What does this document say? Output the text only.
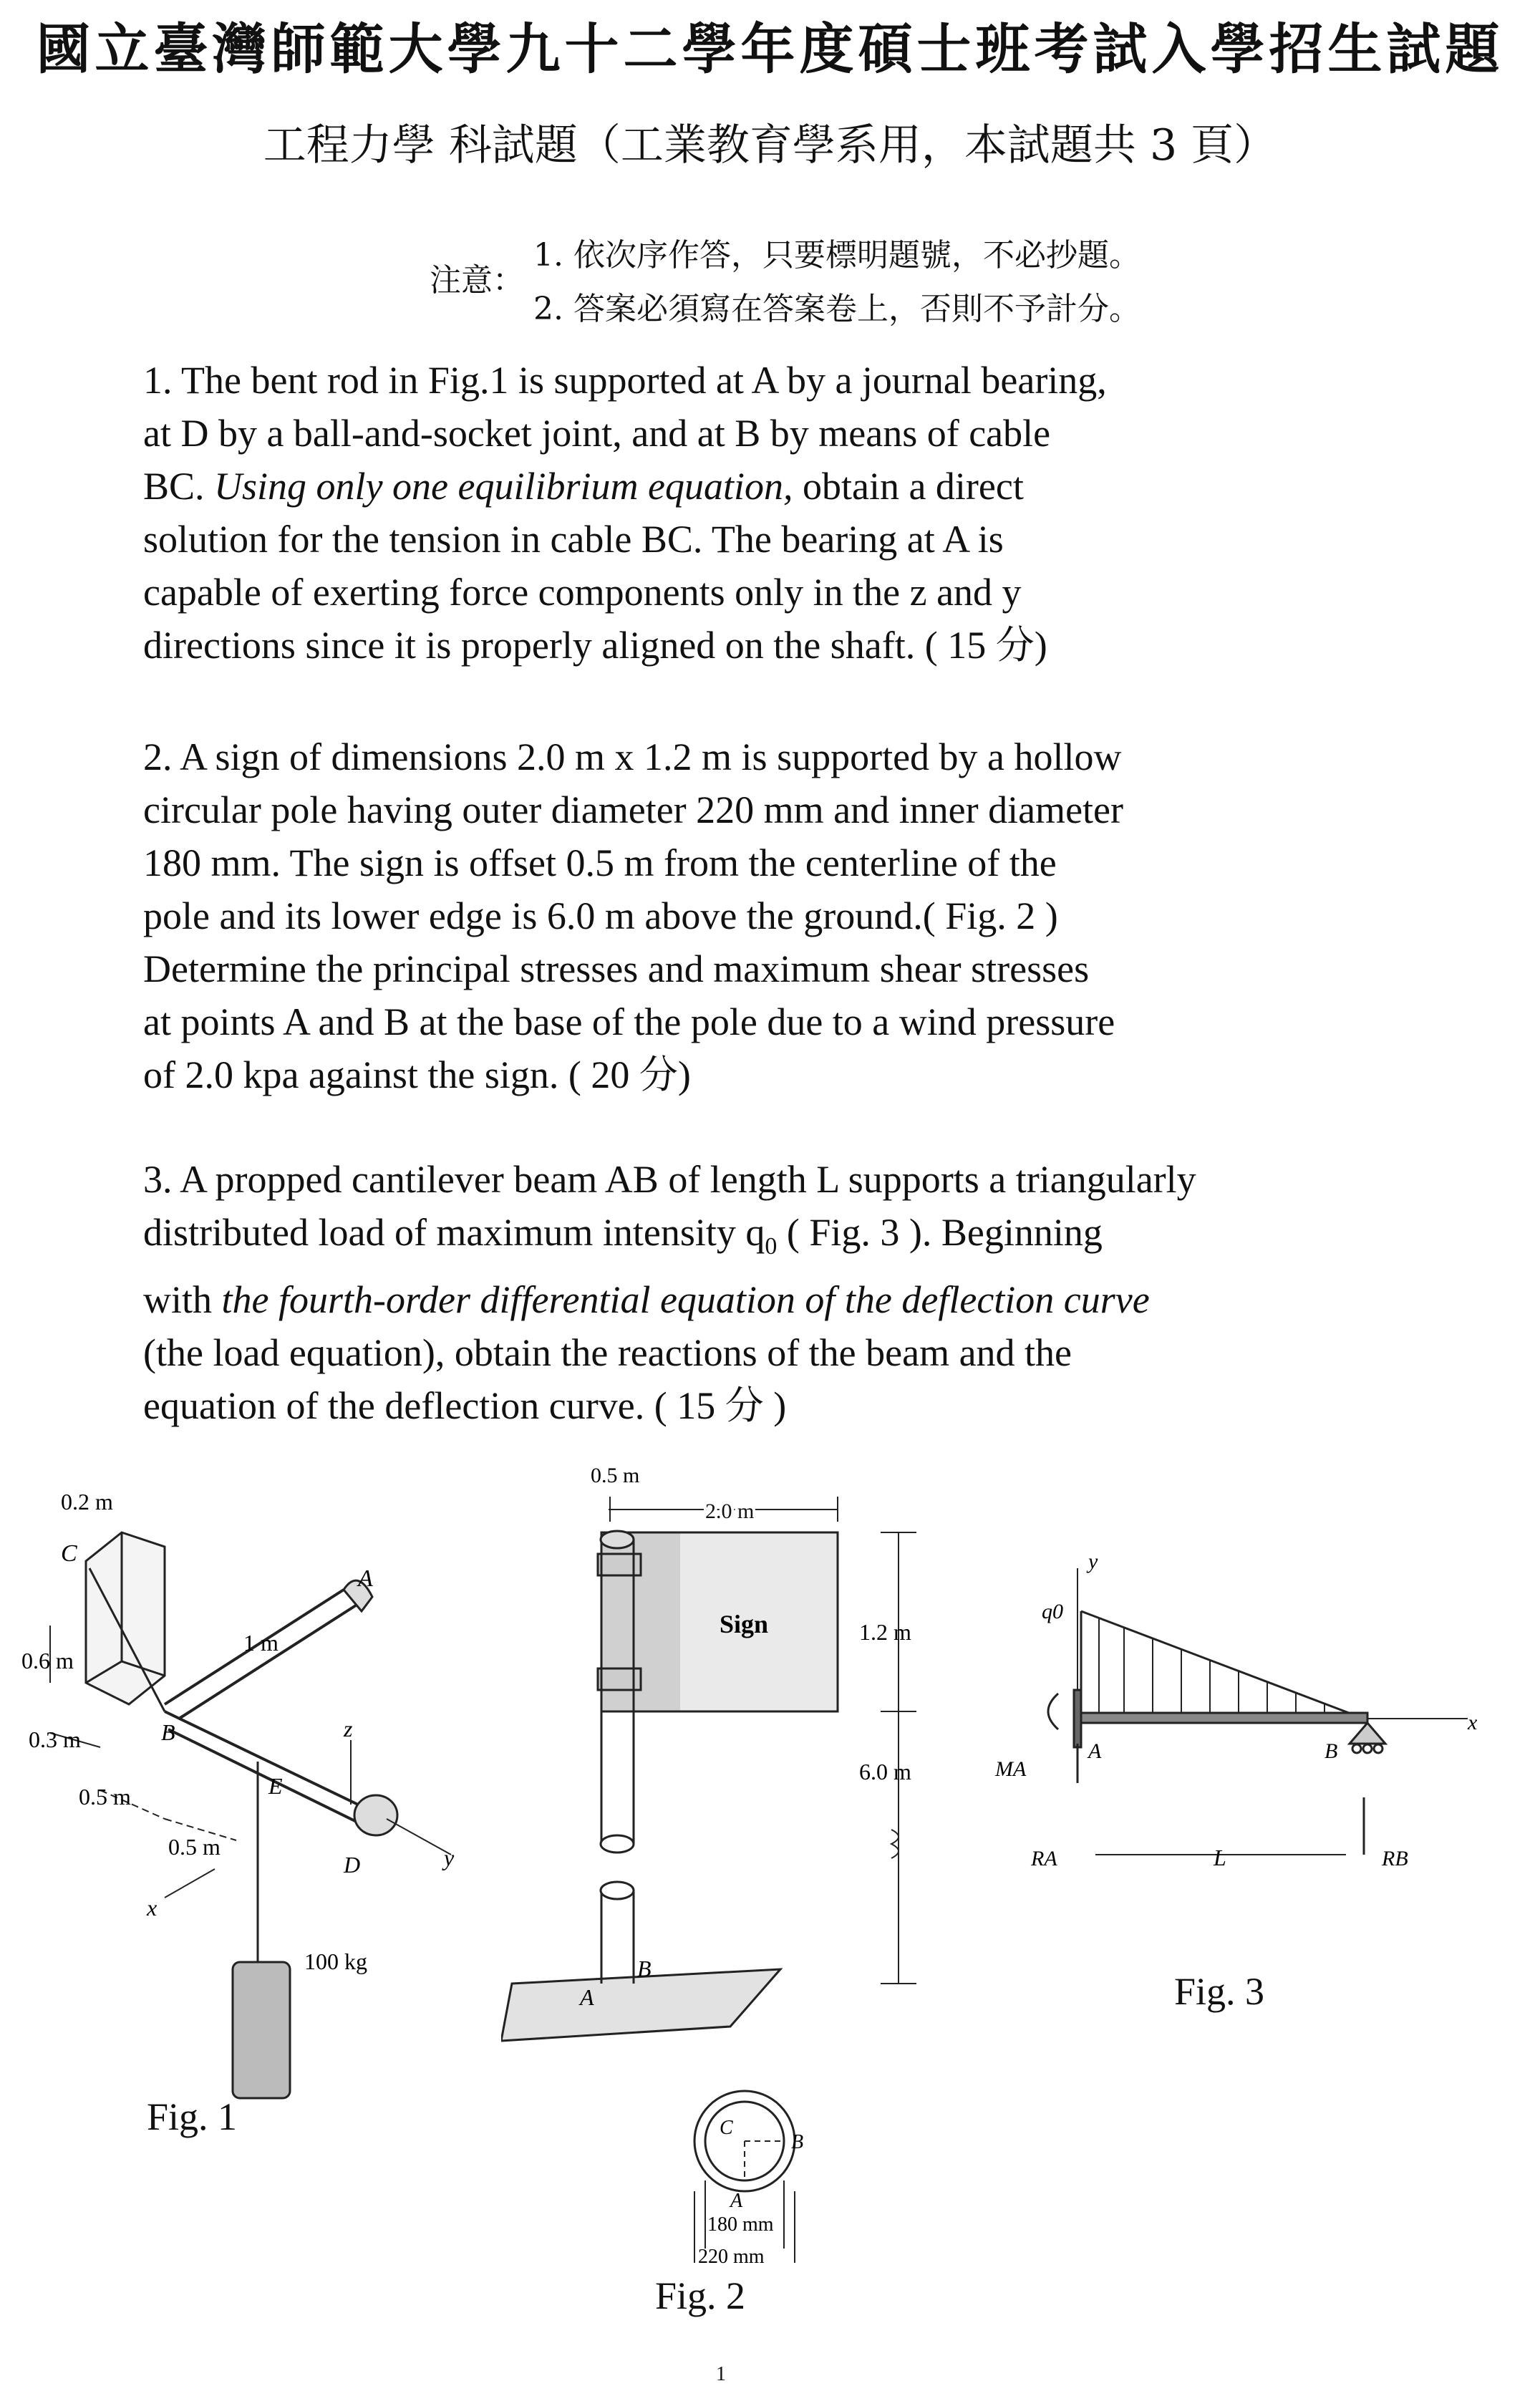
國立臺灣師範大學九十二學年度碩士班考試入學招生試題
工程力學 科試題（工業教育學系用，本試題共 3 頁）
注意：
1. 依次序作答，只要標明題號，不必抄題。
2. 答案必須寫在答案卷上，否則不予計分。

1. The bent rod in Fig.1 is supported at A by a journal bearing,

at D by a ball-and-socket joint, and at B by means of cable

BC. Using only one equilibrium equation, obtain a direct

solution for the tension in cable BC. The bearing at A is

capable of exerting force components only in the z and y

directions since it is properly aligned on the shaft. ( 15 分)

2. A sign of dimensions 2.0 m x 1.2 m is supported by a hollow

circular pole having outer diameter 220 mm and inner diameter

180 mm. The sign is offset 0.5 m from the centerline of the

pole and its lower edge is 6.0 m above the ground.( Fig. 2 )

Determine the principal stresses and maximum shear stresses

at points A and B at the base of the pole due to a wind pressure

of 2.0 kpa against the sign. ( 20 分)

3. A propped cantilever beam AB of length L supports a triangularly

distributed load of maximum intensity $q_0$ ( Fig. 3 ). Beginning

with the fourth-order differential equation of the deflection curve

(the load equation), obtain the reactions of the beam and the

equation of the deflection curve. ( 15 分 )

0.2 m
C
A
1 m
0.6 m
B	z
0.3 m
E
0.5 m
0.5 m
D	y
x
100 kg
Fig. 1
0.5 m
2.0 m
Sign	1.2 m
6.0 m
A
B
C
B
A
180 mm
220 mm
Fig. 2
y
q0
x
MA
A	B
RA	L	RB
Fig. 3
1
